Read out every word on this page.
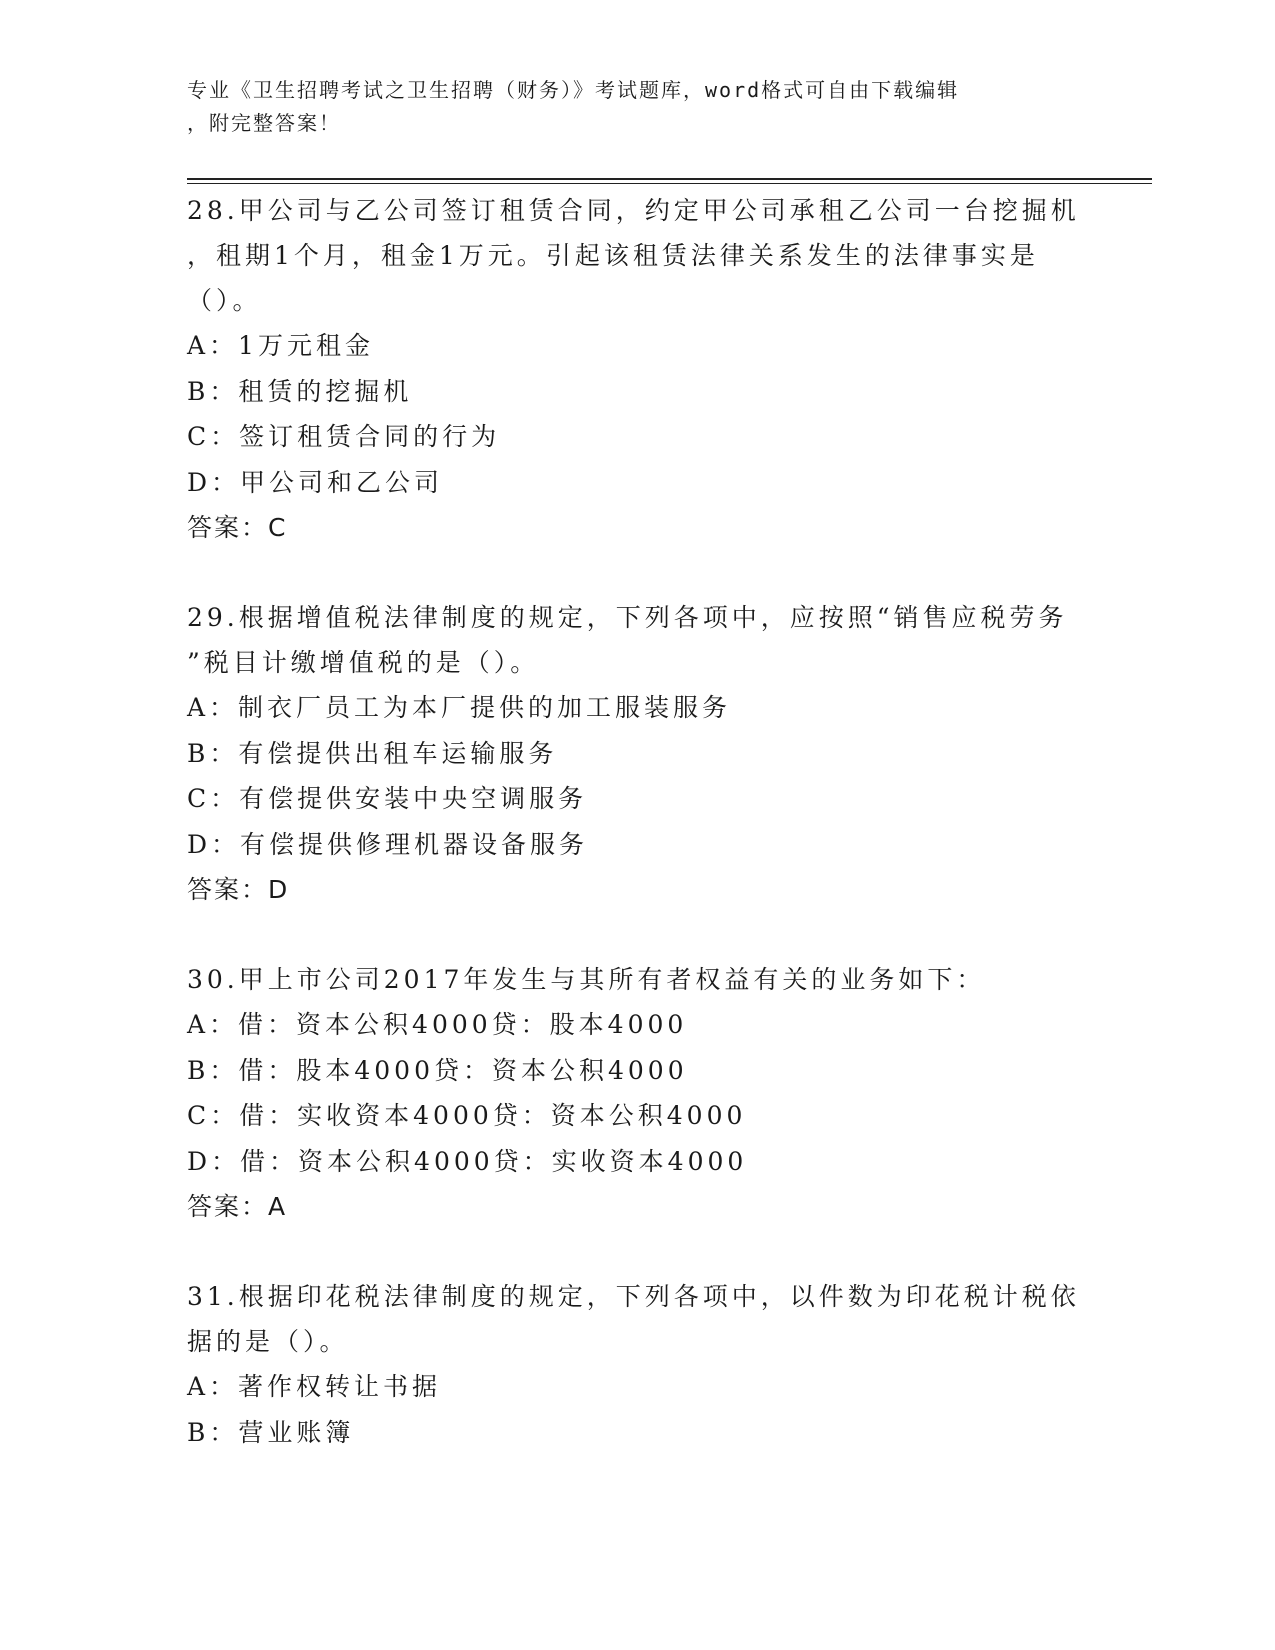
专业《卫生招聘考试之卫生招聘（财务）》考试题库，word格式可自由下载编辑
，附完整答案！
28.甲公司与乙公司签订租赁合同，约定甲公司承租乙公司一台挖掘机
，租期1个月，租金1万元。引起该租赁法律关系发生的法律事实是
（）。
A：1万元租金
B：租赁的挖掘机
C：签订租赁合同的行为
D：甲公司和乙公司
答案：C
29.根据增值税法律制度的规定，下列各项中，应按照“销售应税劳务
”税目计缴增值税的是（）。
A：制衣厂员工为本厂提供的加工服装服务
B：有偿提供出租车运输服务
C：有偿提供安装中央空调服务
D：有偿提供修理机器设备服务
答案：D
30.甲上市公司2017年发生与其所有者权益有关的业务如下：
A：借：资本公积4000贷：股本4000
B：借：股本4000贷：资本公积4000
C：借：实收资本4000贷：资本公积4000
D：借：资本公积4000贷：实收资本4000
答案：A
31.根据印花税法律制度的规定，下列各项中，以件数为印花税计税依
据的是（）。
A：著作权转让书据
B：营业账簿
